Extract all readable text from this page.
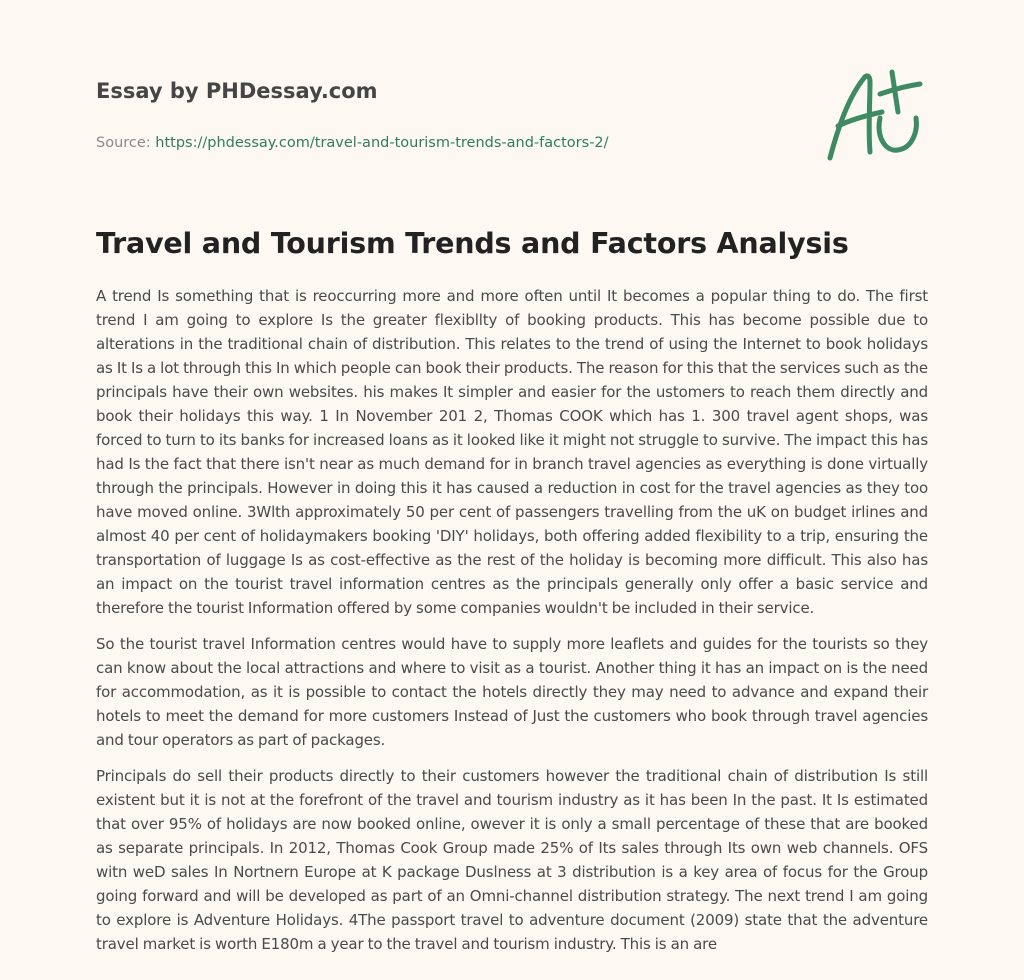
Essay by PHDessay.com
Source: https://phdessay.com/travel-and-tourism-trends-and-factors-2/
Travel and Tourism Trends and Factors Analysis

A trend Is something that is reoccurring more and more often until It becomes a popular thing to do. The first trend I am going to explore Is the greater flexibllty of booking products. This has become possible due to alterations in the traditional chain of distribution. This relates to the trend of using the Internet to book holidays as It Is a lot through this In which people can book their products. The reason for this that the services such as the principals have their own websites. his makes It simpler and easier for the ustomers to reach them directly and book their holidays this way. 1 In November 201 2, Thomas COOK which has 1. 300 travel agent shops, was forced to turn to its banks for increased loans as it looked like it might not struggle to survive. The impact this has had Is the fact that there isn't near as much demand for in branch travel agencies as everything is done virtually through the principals. However in doing this it has caused a reduction in cost for the travel agencies as they too have moved online. 3Wlth approximately 50 per cent of passengers travelling from the uK on budget irlines and almost 40 per cent of holidaymakers booking 'DIY' holidays, both offering added flexibility to a trip, ensuring the transportation of luggage Is as cost-effective as the rest of the holiday is becoming more difficult. This also has an impact on the tourist travel information centres as the principals generally only offer a basic service and therefore the tourist Information offered by some companies wouldn't be included in their service.

So the tourist travel Information centres would have to supply more leaflets and guides for the tourists so they can know about the local attractions and where to visit as a tourist. Another thing it has an impact on is the need for accommodation, as it is possible to contact the hotels directly they may need to advance and expand their hotels to meet the demand for more customers Instead of Just the customers who book through travel agencies and tour operators as part of packages.

Principals do sell their products directly to their customers however the traditional chain of distribution Is still existent but it is not at the forefront of the travel and tourism industry as it has been In the past. It Is estimated that over 95% of holidays are now booked online, owever it is only a small percentage of these that are booked as separate principals. In 2012, Thomas Cook Group made 25% of Its sales through Its own web channels. OFS witn weD sales In Nortnern Europe at K package Duslness at 3 distribution is a key area of focus for the Group going forward and will be developed as part of an Omni-channel distribution strategy. The next trend I am going to explore is Adventure Holidays. 4The passport travel to adventure document (2009) state that the adventure travel market is worth E180m a year to the travel and tourism industry. This is an are
